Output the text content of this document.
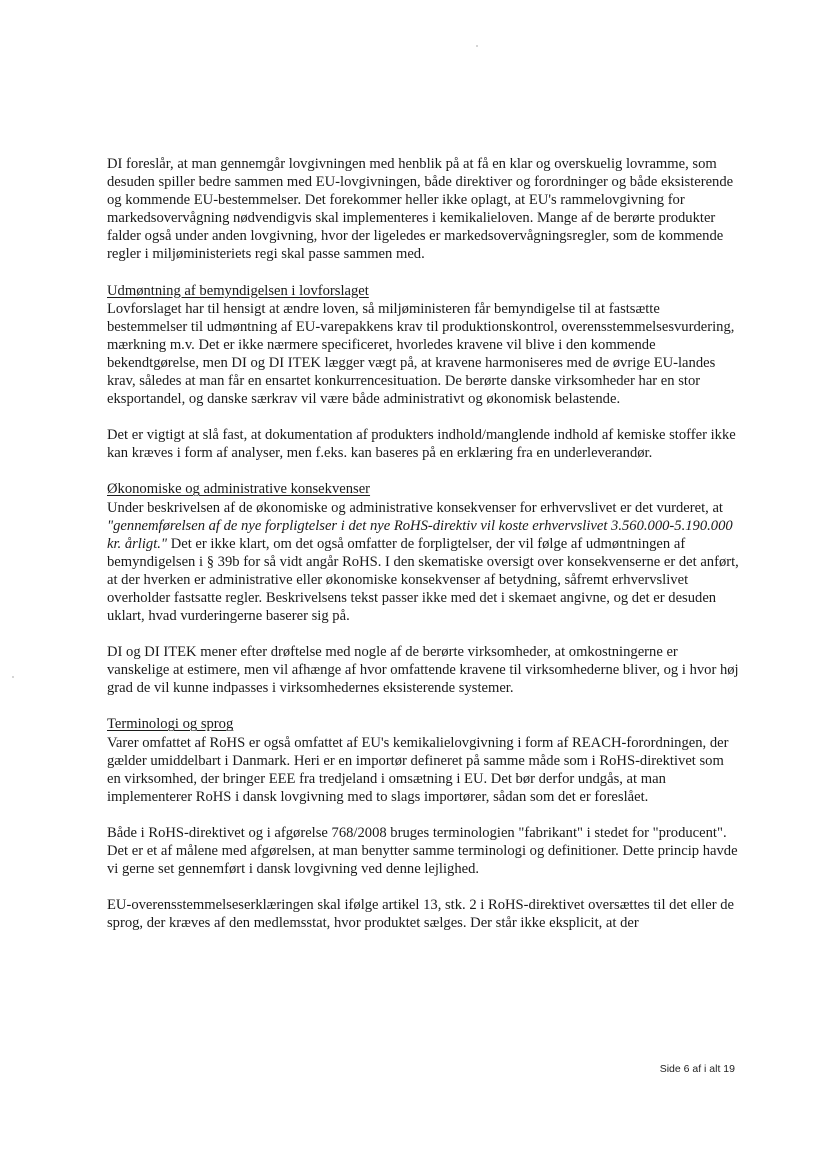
DI foreslår, at man gennemgår lovgivningen med henblik på at få en klar og overskuelig lovramme, som desuden spiller bedre sammen med EU-lovgivningen, både direktiver og forordninger og både eksisterende og kommende EU-bestemmelser. Det forekommer heller ikke oplagt, at EU's rammelovgivning for markedsovervågning nødvendigvis skal implementeres i kemikalieloven. Mange af de berørte produkter falder også under anden lovgivning, hvor der ligeledes er markedsovervågningsregler, som de kommende regler i miljøministeriets regi skal passe sammen med.

Udmøntning af bemyndigelsen i lovforslaget
Lovforslaget har til hensigt at ændre loven, så miljøministeren får bemyndigelse til at fastsætte bestemmelser til udmøntning af EU-varepakkens krav til produktionskontrol, overensstemmelsesvurdering, mærkning m.v. Det er ikke nærmere specificeret, hvorledes kravene vil blive i den kommende bekendtgørelse, men DI og DI ITEK lægger vægt på, at kravene harmoniseres med de øvrige EU-landes krav, således at man får en ensartet konkurrencesituation. De berørte danske virksomheder har en stor eksportandel, og danske særkrav vil være både administrativt og økonomisk belastende.

Det er vigtigt at slå fast, at dokumentation af produkters indhold/manglende indhold af kemiske stoffer ikke kan kræves i form af analyser, men f.eks. kan baseres på en erklæring fra en underleverandør.

Økonomiske og administrative konsekvenser
Under beskrivelsen af de økonomiske og administrative konsekvenser for erhvervslivet er det vurderet, at "gennemførelsen af de nye forpligtelser i det nye RoHS-direktiv vil koste erhvervslivet 3.560.000-5.190.000 kr. årligt." Det er ikke klart, om det også omfatter de forpligtelser, der vil følge af udmøntningen af bemyndigelsen i § 39b for så vidt angår RoHS. I den skematiske oversigt over konsekvenserne er det anført, at der hverken er administrative eller økonomiske konsekvenser af betydning, såfremt erhvervslivet overholder fastsatte regler. Beskrivelsens tekst passer ikke med det i skemaet angivne, og det er desuden uklart, hvad vurderingerne baserer sig på.

DI og DI ITEK mener efter drøftelse med nogle af de berørte virksomheder, at omkostningerne er vanskelige at estimere, men vil afhænge af hvor omfattende kravene til virksomhederne bliver, og i hvor høj grad de vil kunne indpasses i virksomhedernes eksisterende systemer.

Terminologi og sprog
Varer omfattet af RoHS er også omfattet af EU's kemikalielovgivning i form af REACH-forordningen, der gælder umiddelbart i Danmark. Heri er en importør defineret på samme måde som i RoHS-direktivet som en virksomhed, der bringer EEE fra tredjeland i omsætning i EU. Det bør derfor undgås, at man implementerer RoHS i dansk lovgivning med to slags importører, sådan som det er foreslået.

Både i RoHS-direktivet og i afgørelse 768/2008 bruges terminologien "fabrikant" i stedet for "producent". Det er et af målene med afgørelsen, at man benytter samme terminologi og definitioner. Dette princip havde vi gerne set gennemført i dansk lovgivning ved denne lejlighed.

EU-overensstemmelseserklæringen skal ifølge artikel 13, stk. 2 i RoHS-direktivet oversættes til det eller de sprog, der kræves af den medlemsstat, hvor produktet sælges. Der står ikke eksplicit, at der

Side 6 af i alt 19
